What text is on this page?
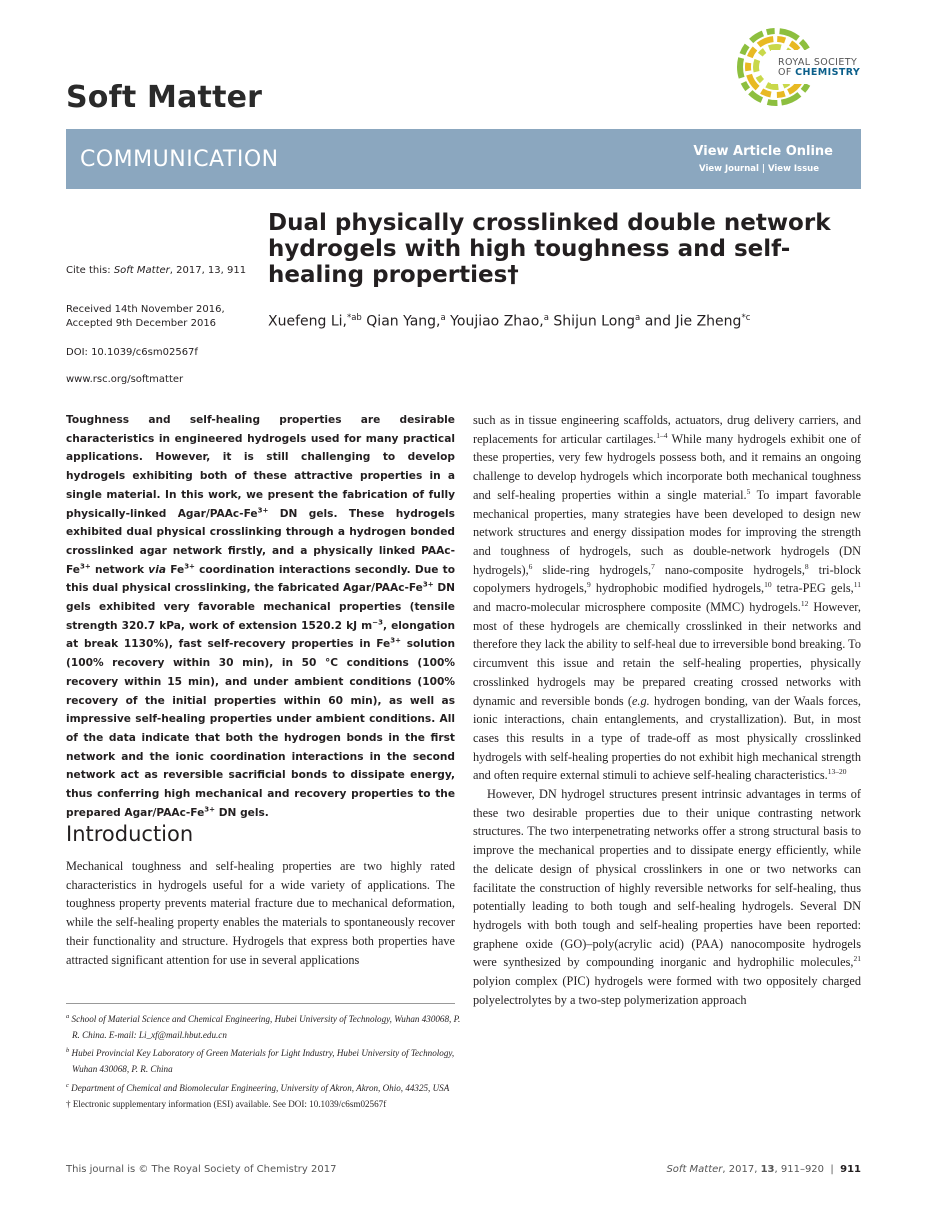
Soft Matter
ROYAL SOCIETY
OF CHEMISTRY
COMMUNICATION	View Article Online
View Journal | View Issue
Dual physically crosslinked double network hydrogels with high toughness and self-healing properties†
Xuefeng Li,$^{*ab}$ Qian Yang,$^a$ Youjiao Zhao,$^a$ Shijun Long$^a$ and Jie Zheng$^{*c}$
Cite this: Soft Matter, 2017, 13, 911
Received 14th November 2016,
Accepted 9th December 2016
DOI: 10.1039/c6sm02567f
www.rsc.org/softmatter
Toughness and self-healing properties are desirable characteristics in engineered hydrogels used for many practical applications. However, it is still challenging to develop hydrogels exhibiting both of these attractive properties in a single material. In this work, we present the fabrication of fully physically-linked Agar/$PAAc-Fe^{3+}$ DN gels. These hydrogels exhibited dual physical crosslinking through a hydrogen bonded crosslinked agar network firstly, and a physically linked PAAc-$Fe^{3+}$ network via $Fe^{3+}$ coordination interactions secondly. Due to this dual physical crosslinking, the fabricated Agar/$PAAc-Fe^{3+}$ DN gels exhibited very favorable mechanical properties (tensile strength 320.7 kPa, work of extension 1520.2 kJ $m^{-3}$, elongation at break 1130%), fast self-recovery properties in $Fe^{3+}$ solution (100% recovery within 30 min), in 50 °C conditions (100% recovery within 15 min), and under ambient conditions (100% recovery of the initial properties within 60 min), as well as impressive self-healing properties under ambient conditions. All of the data indicate that both the hydrogen bonds in the first network and the ionic coordination interactions in the second network act as reversible sacrificial bonds to dissipate energy, thus conferring high mechanical and recovery properties to the prepared Agar/$PAAc-Fe^{3+}$ DN gels.
Introduction
Mechanical toughness and self-healing properties are two highly rated characteristics in hydrogels useful for a wide variety of applications. The toughness property prevents material fracture due to mechanical deformation, while the self-healing property enables the materials to spontaneously recover their functionality and structure. Hydrogels that express both properties have attracted significant attention for use in several applications

$^a$ School of Material Science and Chemical Engineering, Hubei University of Technology, Wuhan 430068, P. R. China. E-mail: Li_xf@mail.hbut.edu.cn

$^b$ Hubei Provincial Key Laboratory of Green Materials for Light Industry, Hubei University of Technology, Wuhan 430068, P. R. China

$^c$ Department of Chemical and Biomolecular Engineering, University of Akron, Akron, Ohio, 44325, USA

† Electronic supplementary information (ESI) available. See DOI: 10.1039/c6sm02567f

such as in tissue engineering scaffolds, actuators, drug delivery carriers, and replacements for articular cartilages.$^{1-4}$ While many hydrogels exhibit one of these properties, very few hydrogels possess both, and it remains an ongoing challenge to develop hydrogels which incorporate both mechanical toughness and self-healing properties within a single material.$^5$ To impart favorable mechanical properties, many strategies have been developed to design new network structures and energy dissipation modes for improving the strength and toughness of hydrogels, such as double-network hydrogels (DN hydrogels),$^6$ slide-ring hydrogels,$^7$ nano-composite hydrogels,$^8$ tri-block copolymers hydrogels,$^9$ hydrophobic modified hydrogels,$^{10}$ tetra-PEG gels,$^{11}$ and macro-molecular microsphere composite (MMC) hydrogels.$^{12}$ However, most of these hydrogels are chemically crosslinked in their networks and therefore they lack the ability to self-heal due to irreversible bond breaking. To circumvent this issue and retain the self-healing properties, physically crosslinked hydrogels may be prepared creating crossed networks with dynamic and reversible bonds (e.g. hydrogen bonding, van der Waals forces, ionic interactions, chain entanglements, and crystallization). But, in most cases this results in a type of trade-off as most physically crosslinked hydrogels with self-healing properties do not exhibit high mechanical strength and often require external stimuli to achieve self-healing characteristics.$^{13-20}$

However, DN hydrogel structures present intrinsic advantages in terms of these two desirable properties due to their unique contrasting network structures. The two interpenetrating networks offer a strong structural basis to improve the mechanical properties and to dissipate energy efficiently, while the delicate design of physical crosslinkers in one or two networks can facilitate the construction of highly reversible networks for self-healing, thus potentially leading to both tough and self-healing hydrogels. Several DN hydrogels with both tough and self-healing properties have been reported: graphene oxide (GO)–poly(acrylic acid) (PAA) nanocomposite hydrogels were synthesized by compounding inorganic and hydrophilic molecules,$^{21}$ polyion complex (PIC) hydrogels were formed with two oppositely charged polyelectrolytes by a two-step polymerization approach

This journal is © The Royal Society of Chemistry 2017	Soft Matter, 2017, 13, 911–920 | 911
